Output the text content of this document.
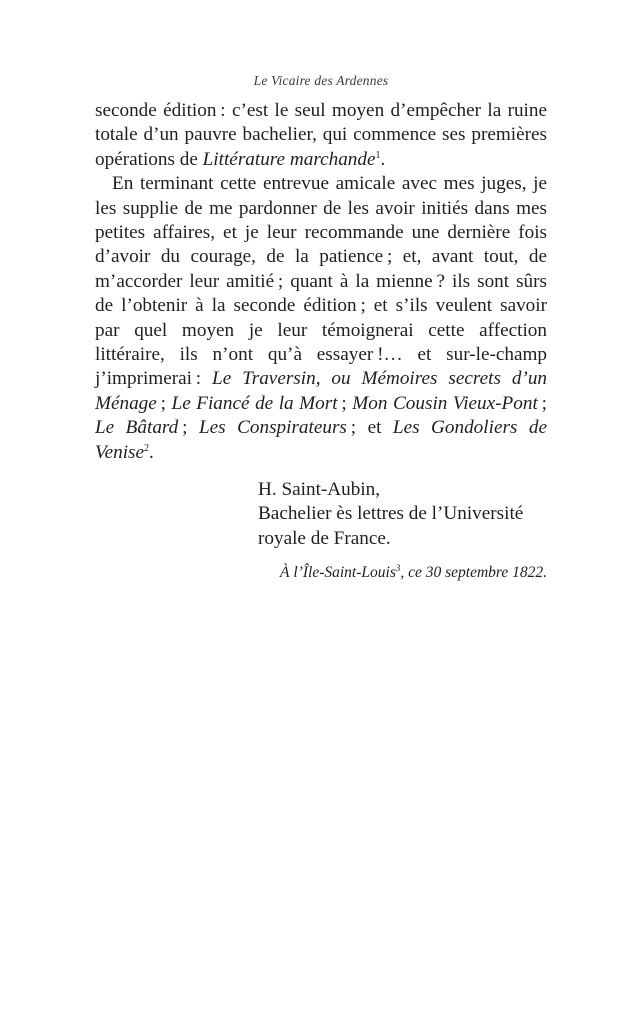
Le Vicaire des Ardennes

seconde édition : c’est le seul moyen d’empêcher la ruine totale d’un pauvre bachelier, qui commence ses premières opérations de Littérature marchande$^1$.

En terminant cette entrevue amicale avec mes juges, je les supplie de me pardonner de les avoir initiés dans mes petites affaires, et je leur recommande une dernière fois d’avoir du courage, de la patience ; et, avant tout, de m’accorder leur amitié ; quant à la mienne ? ils sont sûrs de l’obtenir à la seconde édition ; et s’ils veulent savoir par quel moyen je leur témoignerai cette affection littéraire, ils n’ont qu’à essayer !… et sur-le-champ j’imprimerai : Le Traversin, ou Mémoires secrets d’un Ménage ; Le Fiancé de la Mort ; Mon Cousin Vieux-Pont ; Le Bâtard ; Les Conspirateurs ; et Les Gondoliers de Venise$^2$.

H. Saint-Aubin,
Bachelier ès lettres de l’Université
royale de France.
À l’Île-Saint-Louis$^3$, ce 30 septembre 1822.
